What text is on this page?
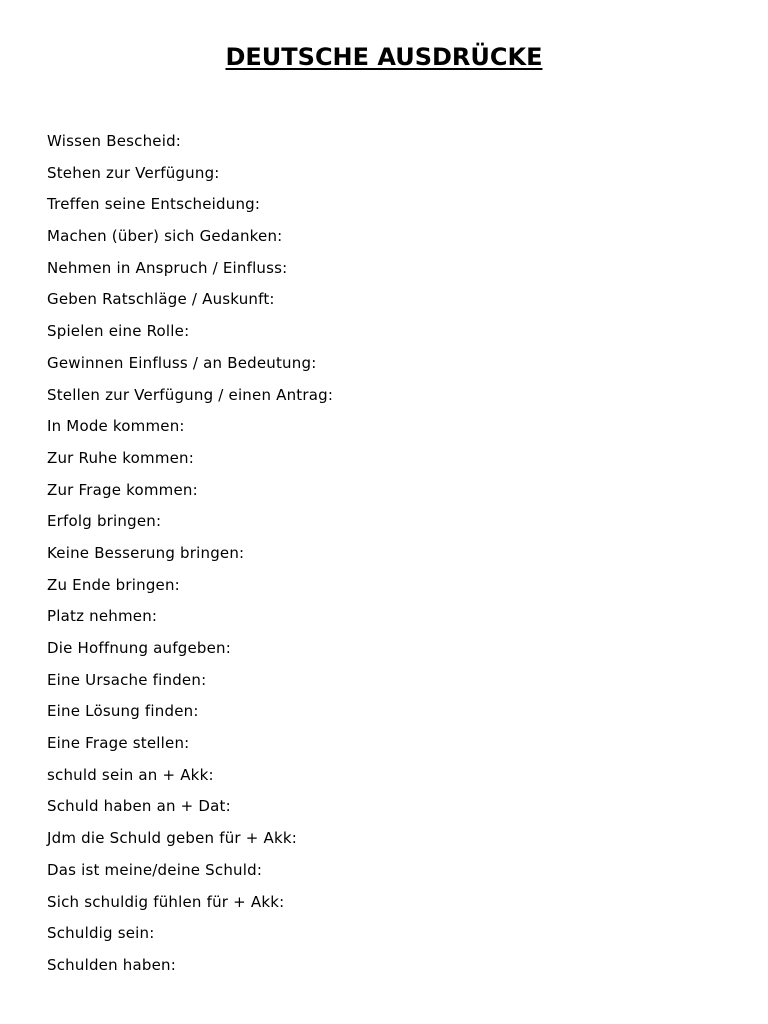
DEUTSCHE AUSDRÜCKE
Wissen Bescheid:
Stehen zur Verfügung:
Treffen seine Entscheidung:
Machen (über) sich Gedanken:
Nehmen in Anspruch / Einfluss:
Geben Ratschläge / Auskunft:
Spielen eine Rolle:
Gewinnen Einfluss / an Bedeutung:
Stellen zur Verfügung / einen Antrag:
In Mode kommen:
Zur Ruhe kommen:
Zur Frage kommen:
Erfolg bringen:
Keine Besserung bringen:
Zu Ende bringen:
Platz nehmen:
Die Hoffnung aufgeben:
Eine Ursache finden:
Eine Lösung finden:
Eine Frage stellen:
schuld sein an + Akk:
Schuld haben an + Dat:
Jdm die Schuld geben für + Akk:
Das ist meine/deine Schuld:
Sich schuldig fühlen für + Akk:
Schuldig sein:
Schulden haben:
